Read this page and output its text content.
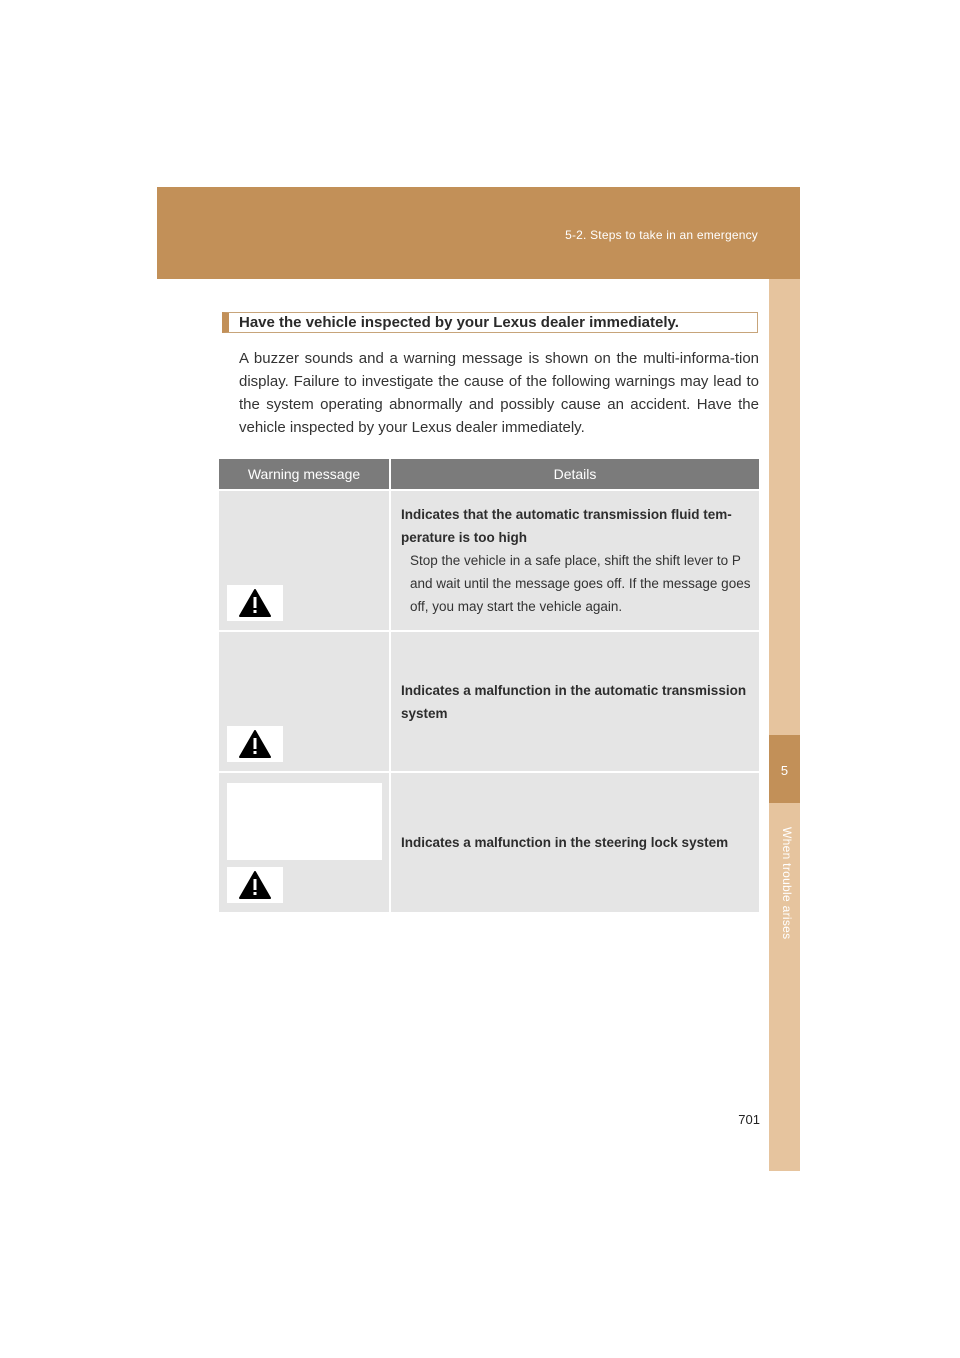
5-2. Steps to take in an emergency
5
When trouble arises
Have the vehicle inspected by your Lexus dealer immediately.
A buzzer sounds and a warning message is shown on the multi-informa-tion display. Failure to investigate the cause of the following warnings may lead to the system operating abnormally and possibly cause an accident. Have the vehicle inspected by your Lexus dealer immediately.
Warning message	Details

Indicates that the automatic transmission fluid tem-perature is too high
Stop the vehicle in a safe place, shift the shift lever to P and wait until the message goes off. If the message goes off, you may start the vehicle again.

Indicates a malfunction in the automatic transmission system

Indicates a malfunction in the steering lock system
701
